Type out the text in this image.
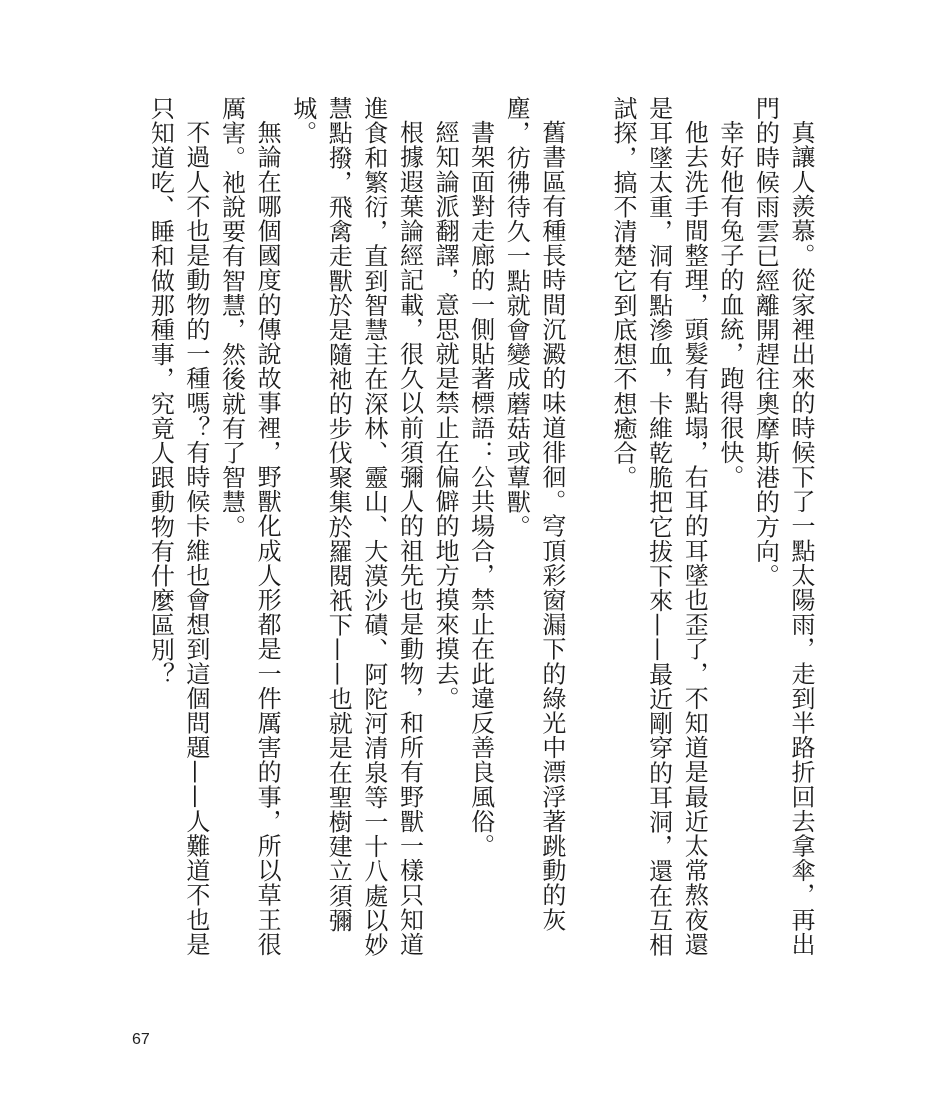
真讓人羨慕。從家裡出來的時候下了一點太陽雨，走到半路折回去拿傘，再出門的時候雨雲已經離開趕往奧摩斯港的方向。

幸好他有兔子的血統，跑得很快。

他去洗手間整理，頭髮有點塌，右耳的耳墜也歪了，不知道是最近太常熬夜還是耳墜太重，洞有點滲血，卡維乾脆把它拔下來——最近剛穿的耳洞，還在互相試探，搞不清楚它到底想不想癒合。

舊書區有種長時間沉澱的味道徘徊。穹頂彩窗漏下的綠光中漂浮著跳動的灰塵，彷彿待久一點就會變成蘑菇或蕈獸。

書架面對走廊的一側貼著標語：公共場合，禁止在此違反善良風俗。

經知論派翻譯，意思就是禁止在偏僻的地方摸來摸去。

根據遐葉論經記載，很久以前須彌人的祖先也是動物，和所有野獸一樣只知道進食和繁衍，直到智慧主在深林、靈山、大漠沙磧、阿陀河清泉等一十八處以妙慧點撥，飛禽走獸於是隨祂的步伐聚集於羅閱衹下——也就是在聖樹建立須彌城。

無論在哪個國度的傳說故事裡，野獸化成人形都是一件厲害的事，所以草王很厲害。祂說要有智慧，然後就有了智慧。

不過人不也是動物的一種嗎？有時候卡維也會想到這個問題——人難道不也是只知道吃、睡和做那種事，究竟人跟動物有什麼區別？

67
